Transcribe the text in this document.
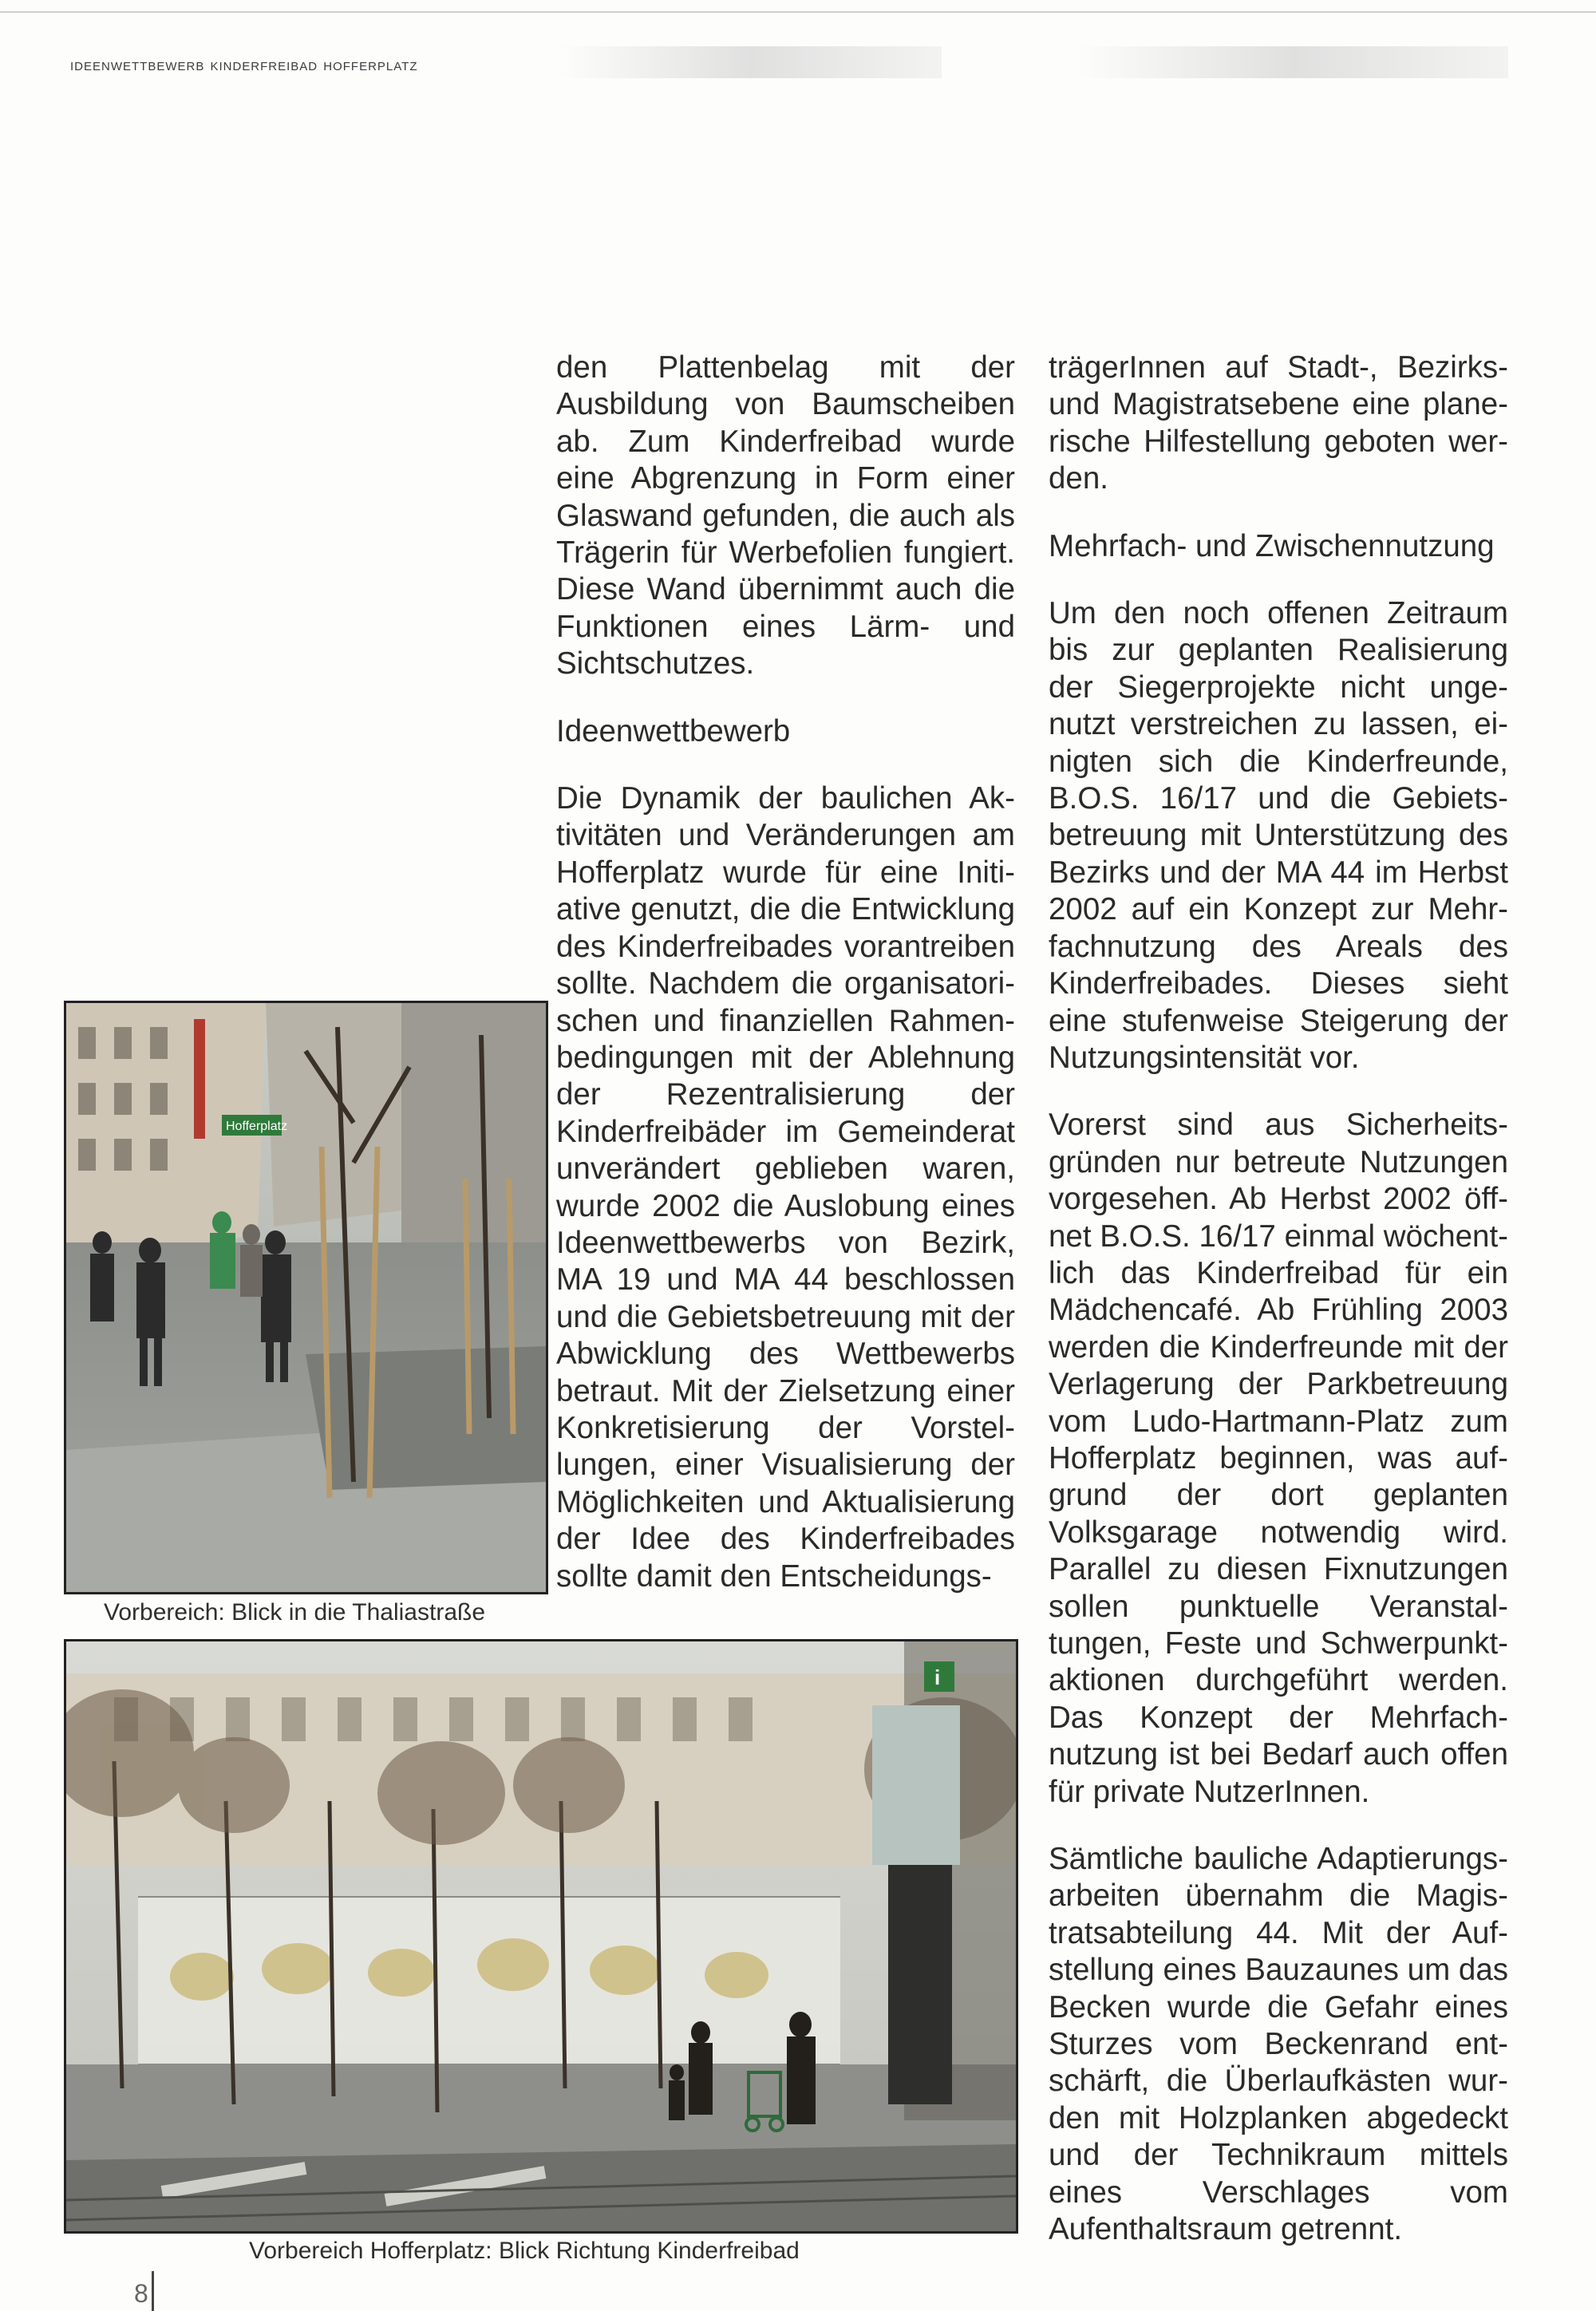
ideenwettbewerb kinderfreibad hofferplatz

den Plattenbelag mit der Ausbildung von Baumscheiben ab. Zum Kinderfreibad wurde eine Abgrenzung in Form einer Glaswand gefunden, die auch als Trägerin für Werbefolien fungiert. Diese Wand übernimmt auch die Funktionen eines Lärm- und Sichtschutzes.

Ideenwettbewerb

Die Dynamik der baulichen Aktivitäten und Veränderungen am Hofferplatz wurde für eine Initiative genutzt, die die Entwicklung des Kinderfreibades vorantreiben sollte. Nachdem die organisatorischen und finanziellen Rahmenbedingungen mit der Ablehnung der Rezentralisierung der Kinderfreibäder im Gemeinderat unverändert geblieben waren, wurde 2002 die Auslobung eines Ideenwettbewerbs von Bezirk, MA 19 und MA 44 beschlossen und die Gebietsbetreuung mit der Abwicklung des Wettbewerbs betraut. Mit der Zielsetzung einer Konkretisierung der Vorstellungen, einer Visualisierung der Möglichkeiten und Aktualisierung der Idee des Kinderfreibades sollte damit den Entscheidungs-

trägerInnen auf Stadt-, Bezirks- und Magistratsebene eine planerische Hilfestellung geboten werden.

Mehrfach- und Zwischennutzung

Um den noch offenen Zeitraum bis zur geplanten Realisierung der Siegerprojekte nicht ungenutzt verstreichen zu lassen, einigten sich die Kinderfreunde, B.O.S. 16/17 und die Gebietsbetreuung mit Unterstützung des Bezirks und der MA 44 im Herbst 2002 auf ein Konzept zur Mehrfachnutzung des Areals des Kinderfreibades. Dieses sieht eine stufenweise Steigerung der Nutzungsintensität vor.

Vorerst sind aus Sicherheitsgründen nur betreute Nutzungen vorgesehen. Ab Herbst 2002 öffnet B.O.S. 16/17 einmal wöchentlich das Kinderfreibad für ein Mädchencafé. Ab Frühling 2003 werden die Kinderfreunde mit der Verlagerung der Parkbetreuung vom Ludo-Hartmann-Platz zum Hofferplatz beginnen, was aufgrund der dort geplanten Volksgarage notwendig wird. Parallel zu diesen Fixnutzungen sollen punktuelle Veranstaltungen, Feste und Schwerpunktaktionen durchgeführt werden. Das Konzept der Mehrfachnutzung ist bei Bedarf auch offen für private NutzerInnen.

Sämtliche bauliche Adaptierungsarbeiten übernahm die Magistratsabteilung 44. Mit der Aufstellung eines Bauzaunes um das Becken wurde die Gefahr eines Sturzes vom Beckenrand entschärft, die Überlaufkästen wurden mit Holzplanken abgedeckt und der Technikraum mittels eines Verschlages vom Aufenthaltsraum getrennt.

Hofferplatz
Vorbereich: Blick in die Thaliastraße
i
Vorbereich Hofferplatz: Blick Richtung Kinderfreibad
8
